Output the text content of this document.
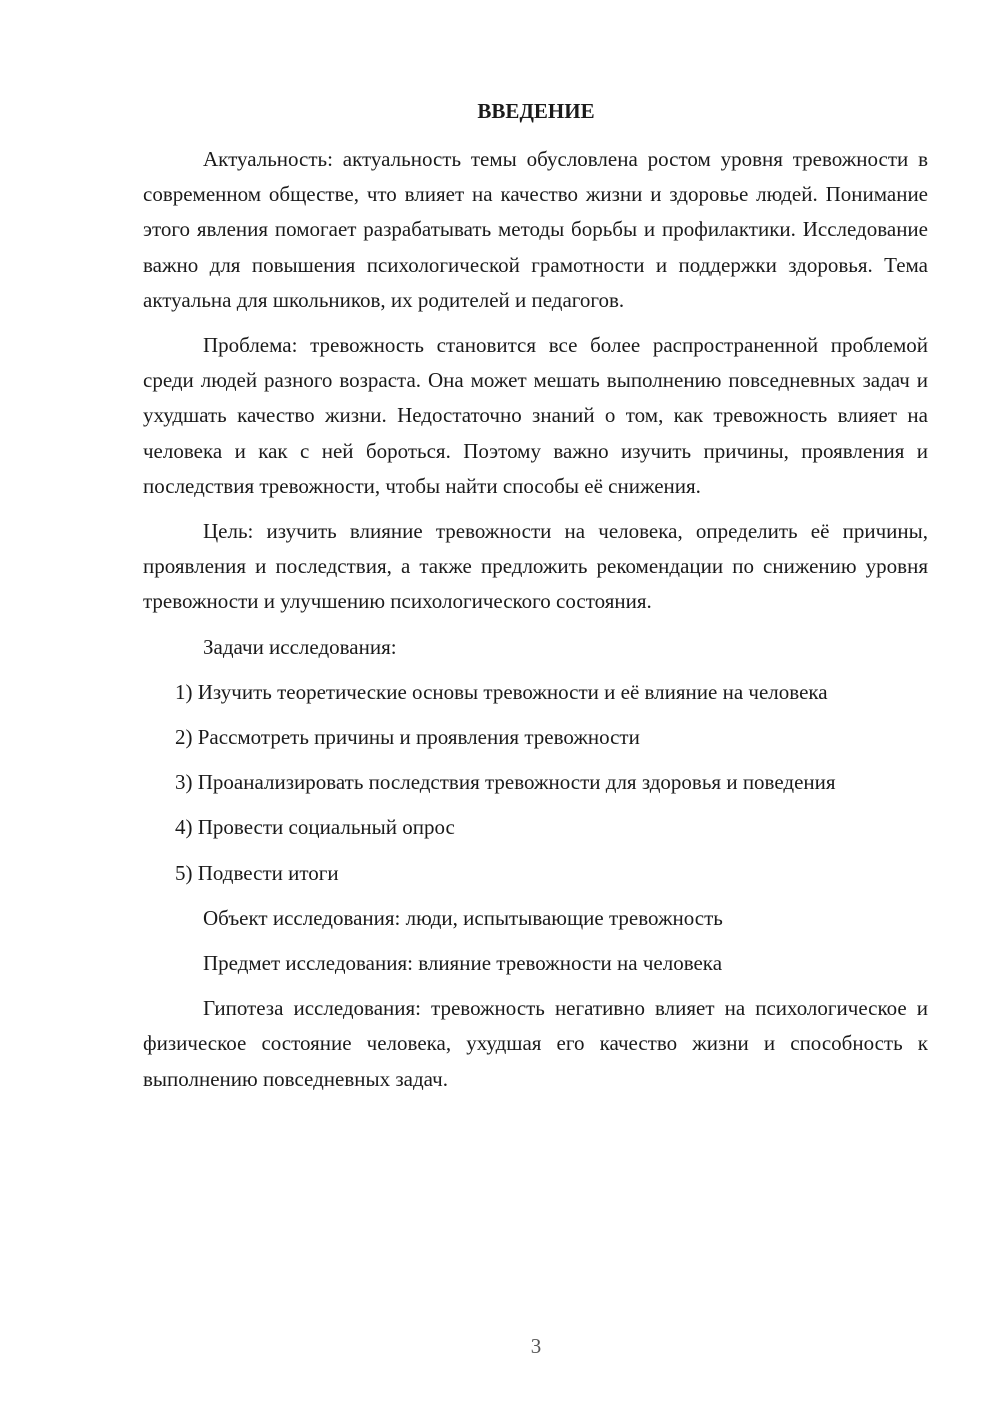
ВВЕДЕНИЕ

Актуальность: актуальность темы обусловлена ростом уровня тревожности в современном обществе, что влияет на качество жизни и здоровье людей. Понимание этого явления помогает разрабатывать методы борьбы и профилактики. Исследование важно для повышения психологической грамотности и поддержки здоровья. Тема актуальна для школьников, их родителей и педагогов.

Проблема: тревожность становится все более распространенной проблемой среди людей разного возраста. Она может мешать выполнению повседневных задач и ухудшать качество жизни. Недостаточно знаний о том, как тревожность влияет на человека и как с ней бороться. Поэтому важно изучить причины, проявления и последствия тревожности, чтобы найти способы её снижения.

Цель: изучить влияние тревожности на человека, определить её причины, проявления и последствия, а также предложить рекомендации по снижению уровня тревожности и улучшению психологического состояния.

Задачи исследования:

1) Изучить теоретические основы тревожности и её влияние на человека

2) Рассмотреть причины и проявления тревожности

3) Проанализировать последствия тревожности для здоровья и поведения

4) Провести социальный опрос

5) Подвести итоги

Объект исследования: люди, испытывающие тревожность

Предмет исследования: влияние тревожности на человека

Гипотеза исследования: тревожность негативно влияет на психологическое и физическое состояние человека, ухудшая его качество жизни и способность к выполнению повседневных задач.

3
